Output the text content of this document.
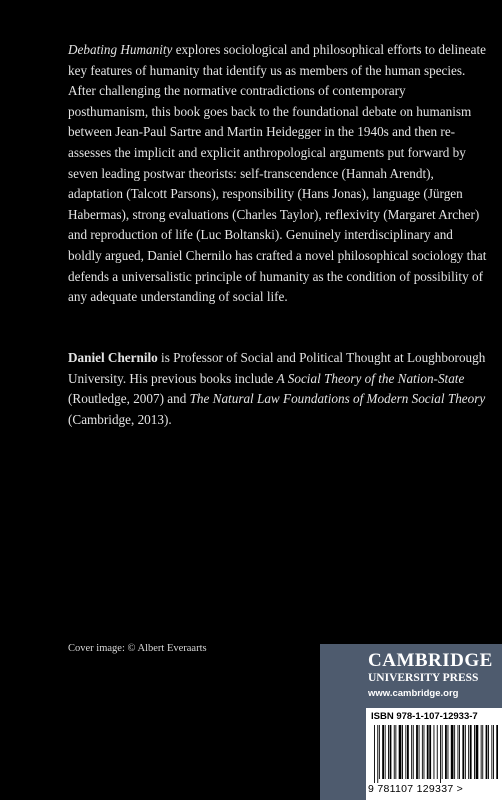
Debating Humanity explores sociological and philosophical efforts to delineate key features of humanity that identify us as members of the human species. After challenging the normative contradictions of contemporary posthumanism, this book goes back to the foundational debate on humanism between Jean-Paul Sartre and Martin Heidegger in the 1940s and then re-assesses the implicit and explicit anthropological arguments put forward by seven leading postwar theorists: self-transcendence (Hannah Arendt), adaptation (Talcott Parsons), responsibility (Hans Jonas), language (Jürgen Habermas), strong evaluations (Charles Taylor), reflexivity (Margaret Archer) and reproduction of life (Luc Boltanski). Genuinely interdisciplinary and boldly argued, Daniel Chernilo has crafted a novel philosophical sociology that defends a universalistic principle of humanity as the condition of possibility of any adequate understanding of social life.

Daniel Chernilo is Professor of Social and Political Thought at Loughborough University. His previous books include A Social Theory of the Nation-State (Routledge, 2007) and The Natural Law Foundations of Modern Social Theory (Cambridge, 2013).

Cover image: © Albert Everaarts
CAMBRIDGE
UNIVERSITY PRESS
www.cambridge.org
ISBN 978-1-107-12933-7
9 781107 129337 >
